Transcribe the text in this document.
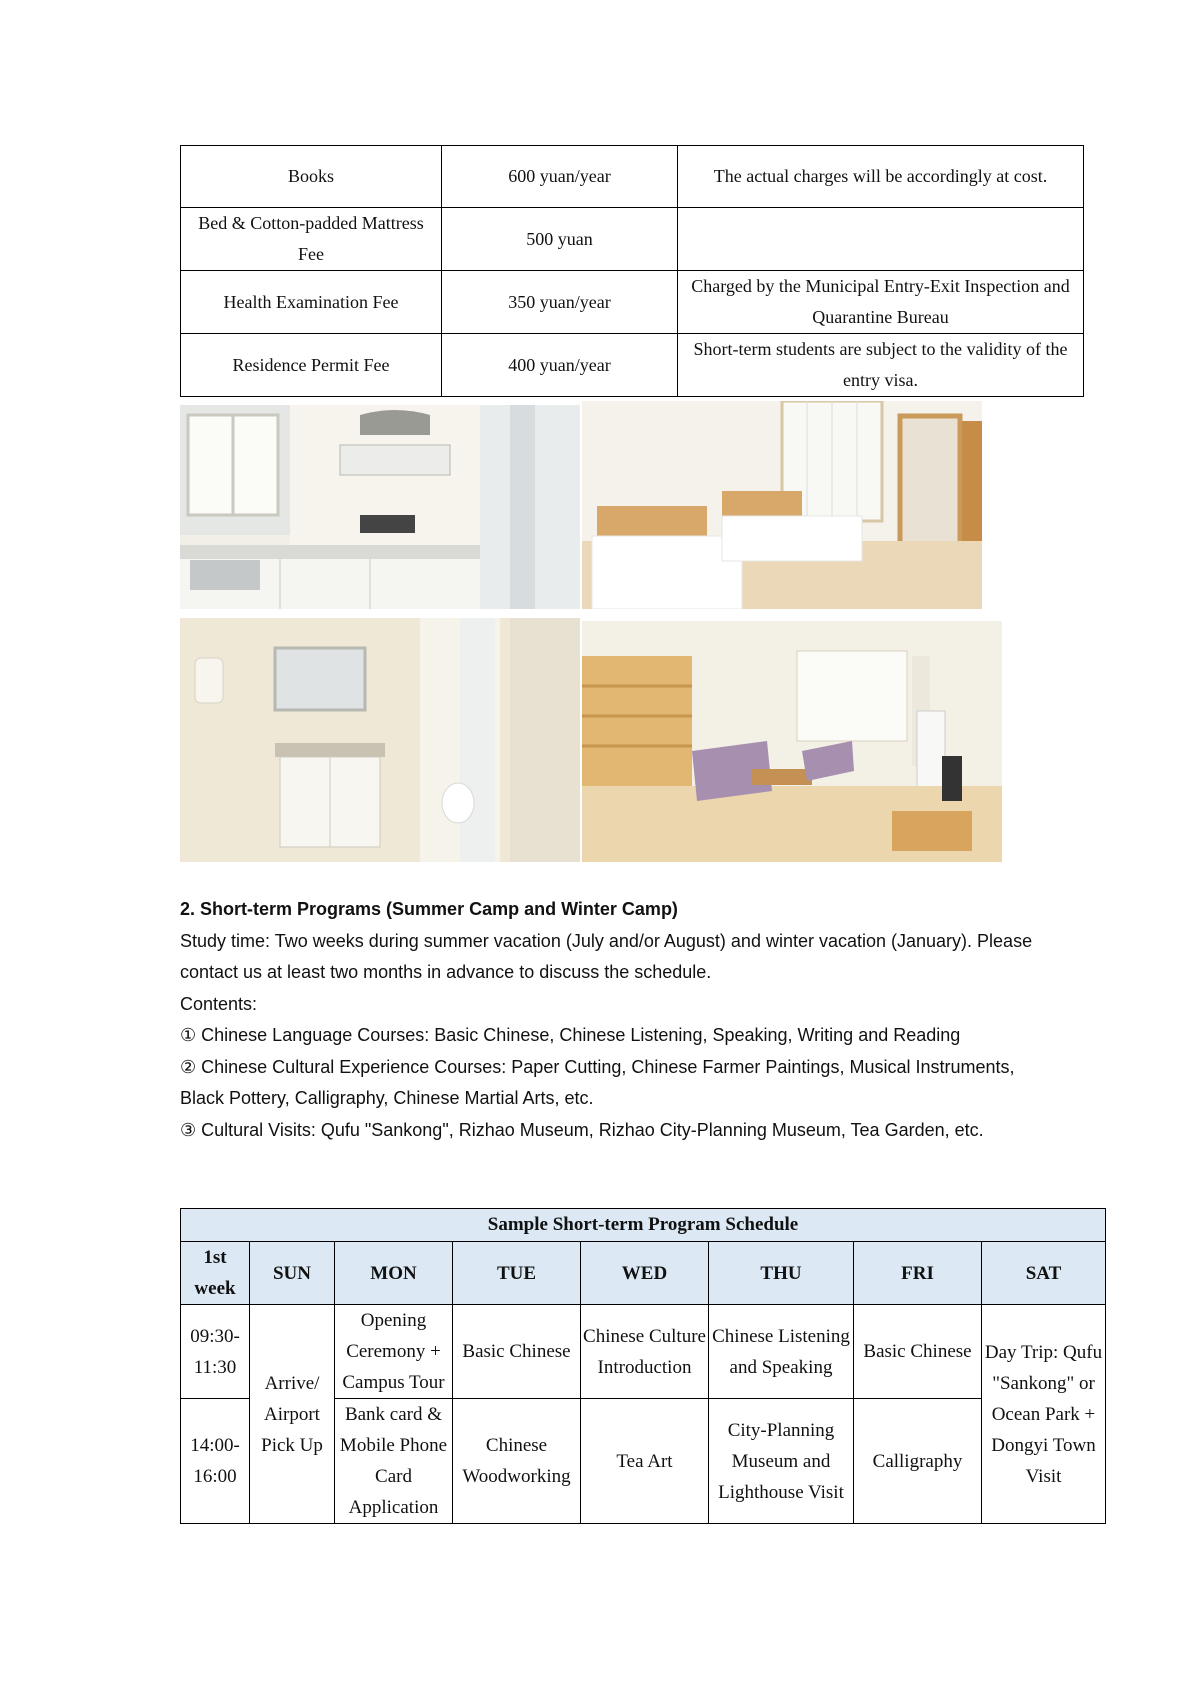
Books	600 yuan/year	The actual charges will be accordingly at cost.
Bed & Cotton-padded Mattress Fee	500 yuan	
Health Examination Fee	350 yuan/year	Charged by the Municipal Entry-Exit Inspection and Quarantine Bureau
Residence Permit Fee	400 yuan/year	Short-term students are subject to the validity of the entry visa.

2. Short-term Programs (Summer Camp and Winter Camp)

Study time: Two weeks during summer vacation (July and/or August) and winter vacation (January). Please contact us at least two months in advance to discuss the schedule.

Contents:

① Chinese Language Courses: Basic Chinese, Chinese Listening, Speaking, Writing and Reading

② Chinese Cultural Experience Courses: Paper Cutting, Chinese Farmer Paintings, Musical Instruments, Black Pottery, Calligraphy, Chinese Martial Arts, etc.

③ Cultural Visits: Qufu "Sankong", Rizhao Museum, Rizhao City-Planning Museum, Tea Garden, etc.

Sample Short-term Program Schedule							
1st week	SUN	MON	TUE	WED	THU	FRI	SAT
09:30-11:30	Arrive/ Airport Pick Up	Opening Ceremony + Campus Tour	Basic Chinese	Chinese Culture Introduction	Chinese Listening and Speaking	Basic Chinese	Day Trip: Qufu "Sankong" or Ocean Park + Dongyi Town Visit
14:00-16:00		Bank card & Mobile Phone Card Application	Chinese Woodworking	Tea Art	City-Planning Museum and Lighthouse Visit	Calligraphy	
